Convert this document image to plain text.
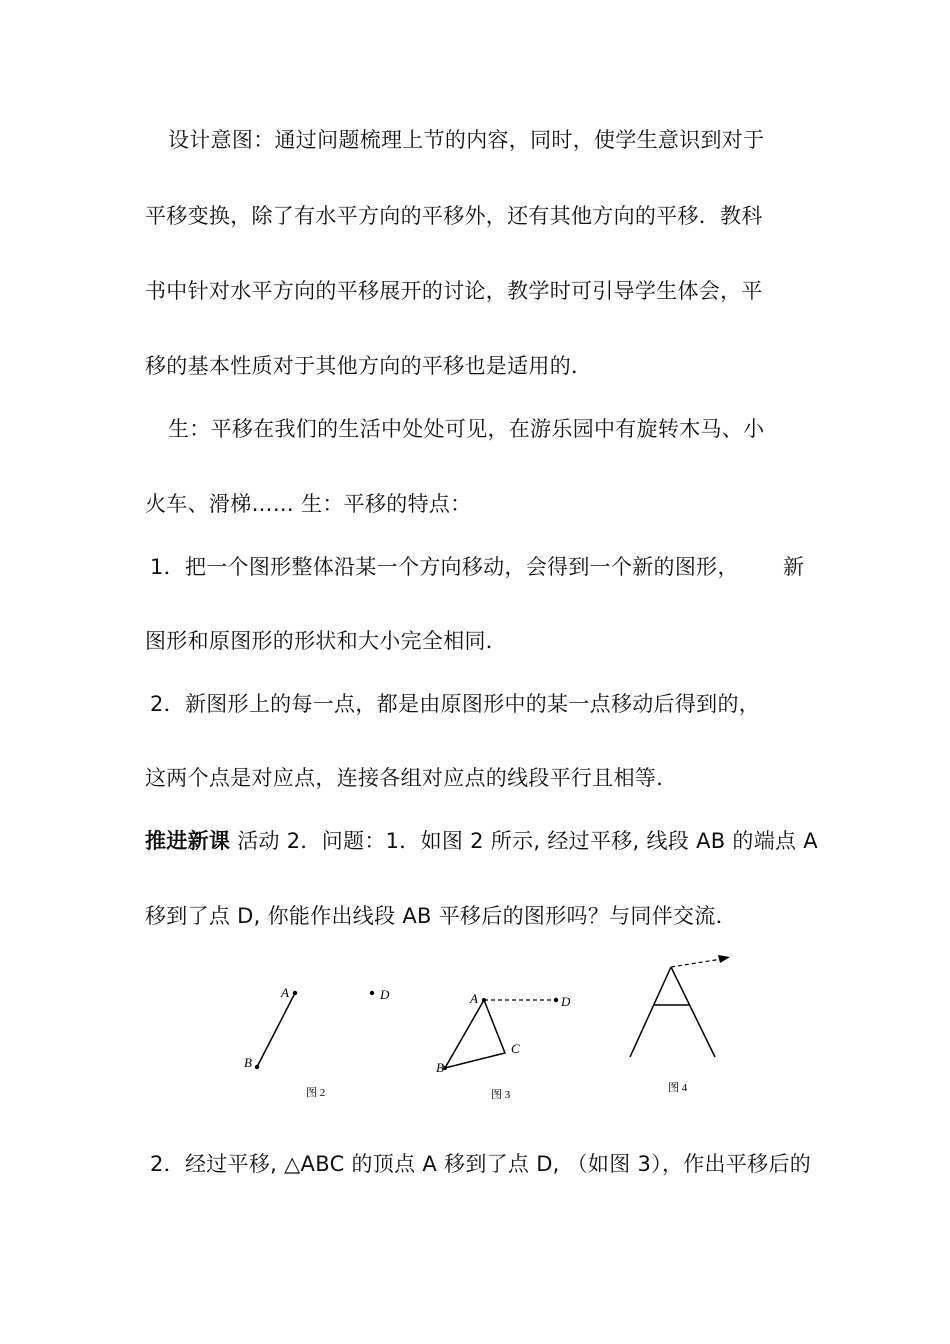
设计意图：通过问题梳理上节的内容，同时，使学生意识到对于
平移变换，除了有水平方向的平移外，还有其他方向的平移．教科
书中针对水平方向的平移展开的讨论，教学时可引导学生体会，平
移的基本性质对于其他方向的平移也是适用的．
生：平移在我们的生活中处处可见，在游乐园中有旋转木马、小
火车、滑梯…… 生：平移的特点：
1．把一个图形整体沿某一个方向移动，会得到一个新的图形， 新
图形和原图形的形状和大小完全相同．
2．新图形上的每一点，都是由原图形中的某一点移动后得到的，
这两个点是对应点，连接各组对应点的线段平行且相等．
推进新课 活动 2．问题：1．如图 2 所示, 经过平移, 线段 AB 的端点 A
移到了点 D, 你能作出线段 AB 平移后的图形吗？与同伴交流．
A
B
D
图 2
A
B
C
D
图 3
图 4
2．经过平移, △ABC 的顶点 A 移到了点 D, （如图 3），作出平移后的
